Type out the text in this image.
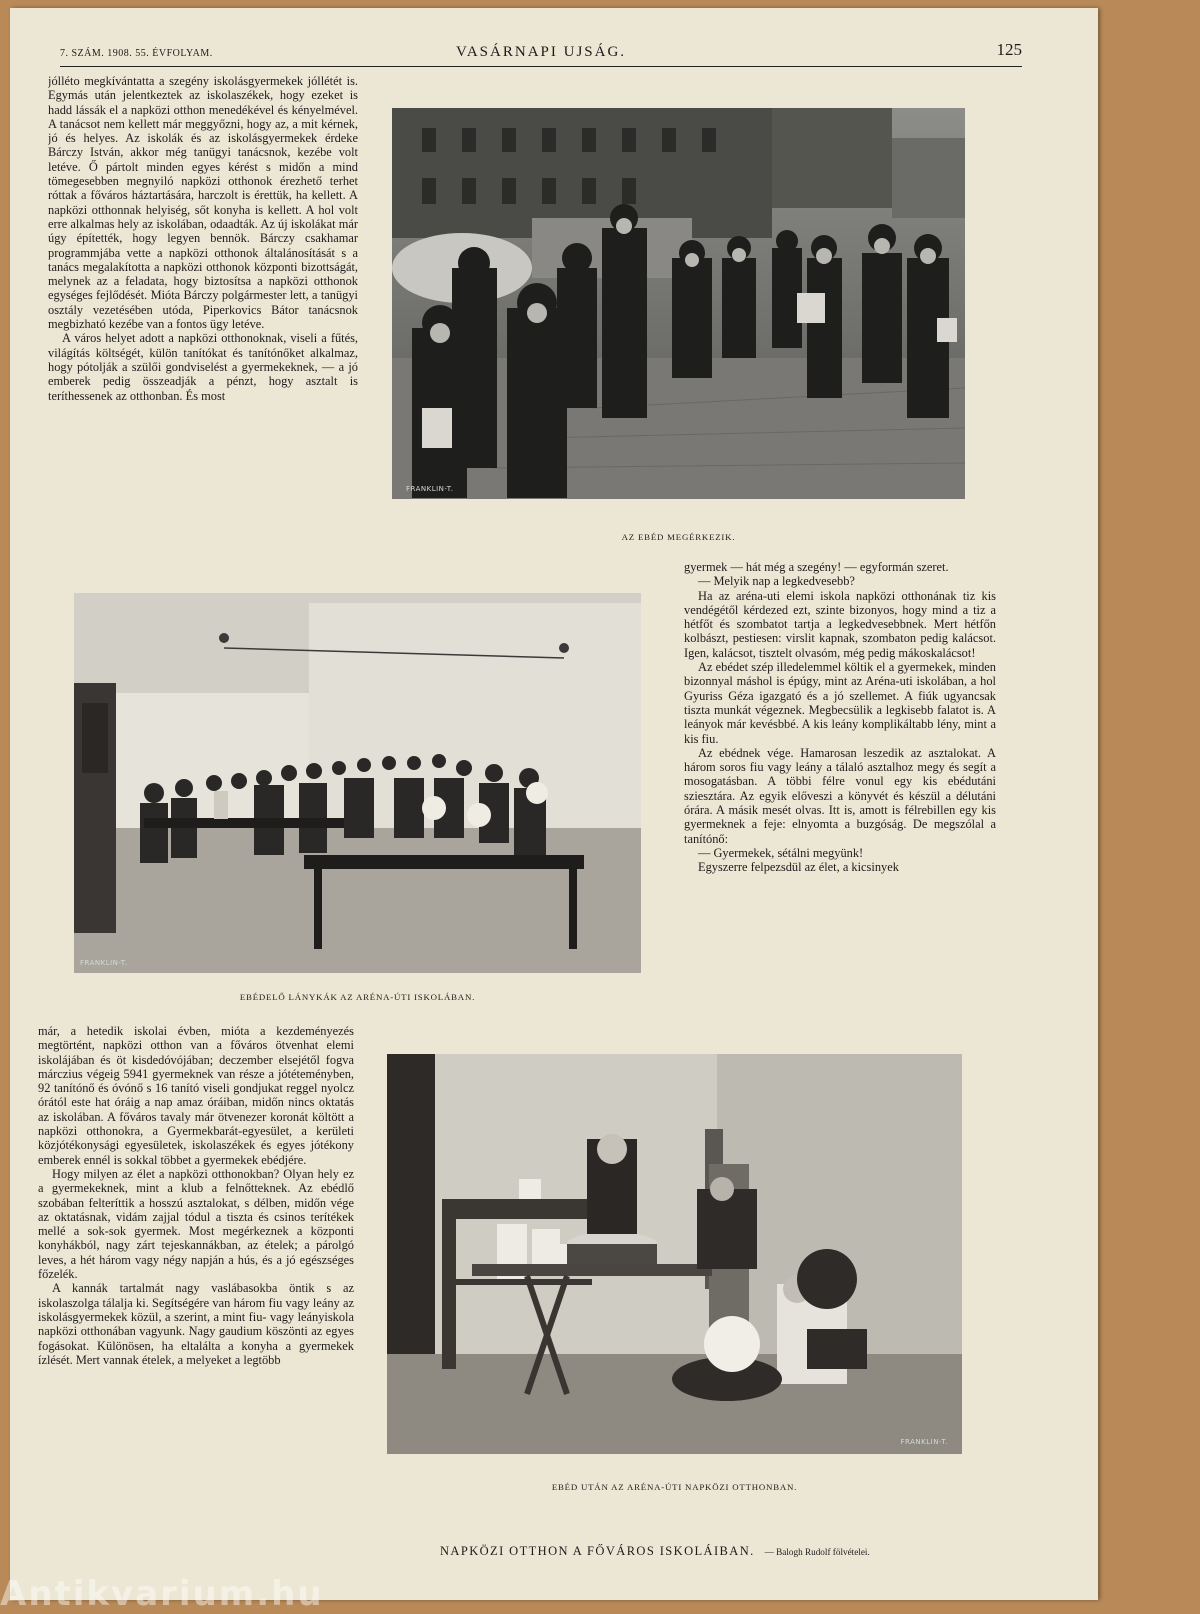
7. SZÁM. 1908. 55. ÉVFOLYAM.	VASÁRNAPI UJSÁG.	125

jólléto megkívántatta a szegény iskolásgyermekek jóllétét is. Egymás után jelentkeztek az iskolaszékek, hogy ezeket is hadd lássák el a napközi otthon menedékével és kényelmével. A tanácsot nem kellett már meggyőzni, hogy az, a mit kérnek, jó és helyes. Az iskolák és az iskolásgyermekek érdeke Bárczy István, akkor még tanügyi tanácsnok, kezébe volt letéve. Ő pártolt minden egyes kérést s midőn a mind tömegesebben megnyiló napközi otthonok érezhető terhet róttak a főváros háztartására, harczolt is érettük, ha kellett. A napközi otthonnak helyiség, sőt konyha is kellett. A hol volt erre alkalmas hely az iskolában, odaadták. Az új iskolákat már úgy építették, hogy legyen bennök. Bárczy csakhamar programmjába vette a napközi otthonok általánosítását s a tanács megalakította a napközi otthonok központi bizottságát, melynek az a feladata, hogy biztosítsa a napközi otthonok egységes fejlődését. Mióta Bárczy polgármester lett, a tanügyi osztály vezetésében utóda, Piperkovics Bátor tanácsnok megbizható kezébe van a fontos ügy letéve.

A város helyet adott a napközi otthonoknak, viseli a fűtés, világítás költségét, külön tanítókat és tanítónőket alkalmaz, hogy pótolják a szülői gondviselést a gyermekeknek, — a jó emberek pedig összeadják a pénzt, hogy asztalt is teríthessenek az otthonban. És most

FRANKLIN-T.
AZ EBÉD MEGÉRKEZIK.
FRANKLIN-T.
EBÉDELŐ LÁNYKÁK AZ ARÉNA-ÚTI ISKOLÁBAN.

gyermek — hát még a szegény! — egyformán szeret.

— Melyik nap a legkedvesebb?

Ha az aréna-uti elemi iskola napközi otthonának tiz kis vendégétől kérdezed ezt, szinte bizonyos, hogy mind a tiz a hétfőt és szombatot tartja a legkedvesebbnek. Mert hétfőn kolbászt, pestiesen: virslit kapnak, szombaton pedig kalácsot. Igen, kalácsot, tisztelt olvasóm, még pedig mákoskalácsot!

Az ebédet szép illedelemmel költik el a gyermekek, minden bizonnyal máshol is épúgy, mint az Aréna-uti iskolában, a hol Gyuriss Géza igazgató és a jó szellemet. A fiúk ugyancsak tiszta munkát végeznek. Megbecsülik a legkisebb falatot is. A leányok már kevésbbé. A kis leány komplikáltabb lény, mint a kis fiu.

Az ebédnek vége. Hamarosan leszedik az asztalokat. A három soros fiu vagy leány a tálaló asztalhoz megy és segít a mosogatásban. A többi félre vonul egy kis ebédutáni sziesztára. Az egyik előveszi a könyvét és készül a délutáni órára. A másik mesét olvas. Itt is, amott is félrebillen egy kis gyermeknek a feje: elnyomta a buzgóság. De megszólal a tanítónő:

— Gyermekek, sétálni megyünk!

Egyszerre felpezsdül az élet, a kicsinyek

már, a hetedik iskolai évben, mióta a kezdeményezés megtörtént, napközi otthon van a főváros ötvenhat elemi iskolájában és öt kisdedóvójában; deczember elsejétől fogva márczius végeig 5941 gyermeknek van része a jótéteményben, 92 tanítónő és óvónő s 16 tanító viseli gondjukat reggel nyolcz órától este hat óráig a nap amaz óráiban, midőn nincs oktatás az iskolában. A főváros tavaly már ötvenezer koronát költött a napközi otthonokra, a Gyermekbarát-egyesület, a kerületi közjótékonysági egyesületek, iskolaszékek és egyes jótékony emberek ennél is sokkal többet a gyermekek ebédjére.

Hogy milyen az élet a napközi otthonokban? Olyan hely ez a gyermekeknek, mint a klub a felnőtteknek. Az ebédlő szobában felteríttik a hosszú asztalokat, s délben, midőn vége az oktatásnak, vidám zajjal tódul a tiszta és csinos terítékek mellé a sok-sok gyermek. Most megérkeznek a központi konyhákból, nagy zárt tejeskannákban, az ételek; a párolgó leves, a hét három vagy négy napján a hús, és a jó egészséges főzelék.

A kannák tartalmát nagy vaslábasokba öntik s az iskolaszolga tálalja ki. Segítségére van három fiu vagy leány az iskolásgyermekek közül, a szerint, a mint fiu- vagy leányiskola napközi otthonában vagyunk. Nagy gaudium köszönti az egyes fogásokat. Különösen, ha eltalálta a konyha a gyermekek ízlését. Mert vannak ételek, a melyeket a legtöbb

FRANKLIN-T.
EBÉD UTÁN AZ ARÉNA-ÚTI NAPKÖZI OTTHONBAN.
NAPKÖZI OTTHON A FŐVÁROS ISKOLÁIBAN. — Balogh Rudolf fölvételei.
Antikvarium.hu
